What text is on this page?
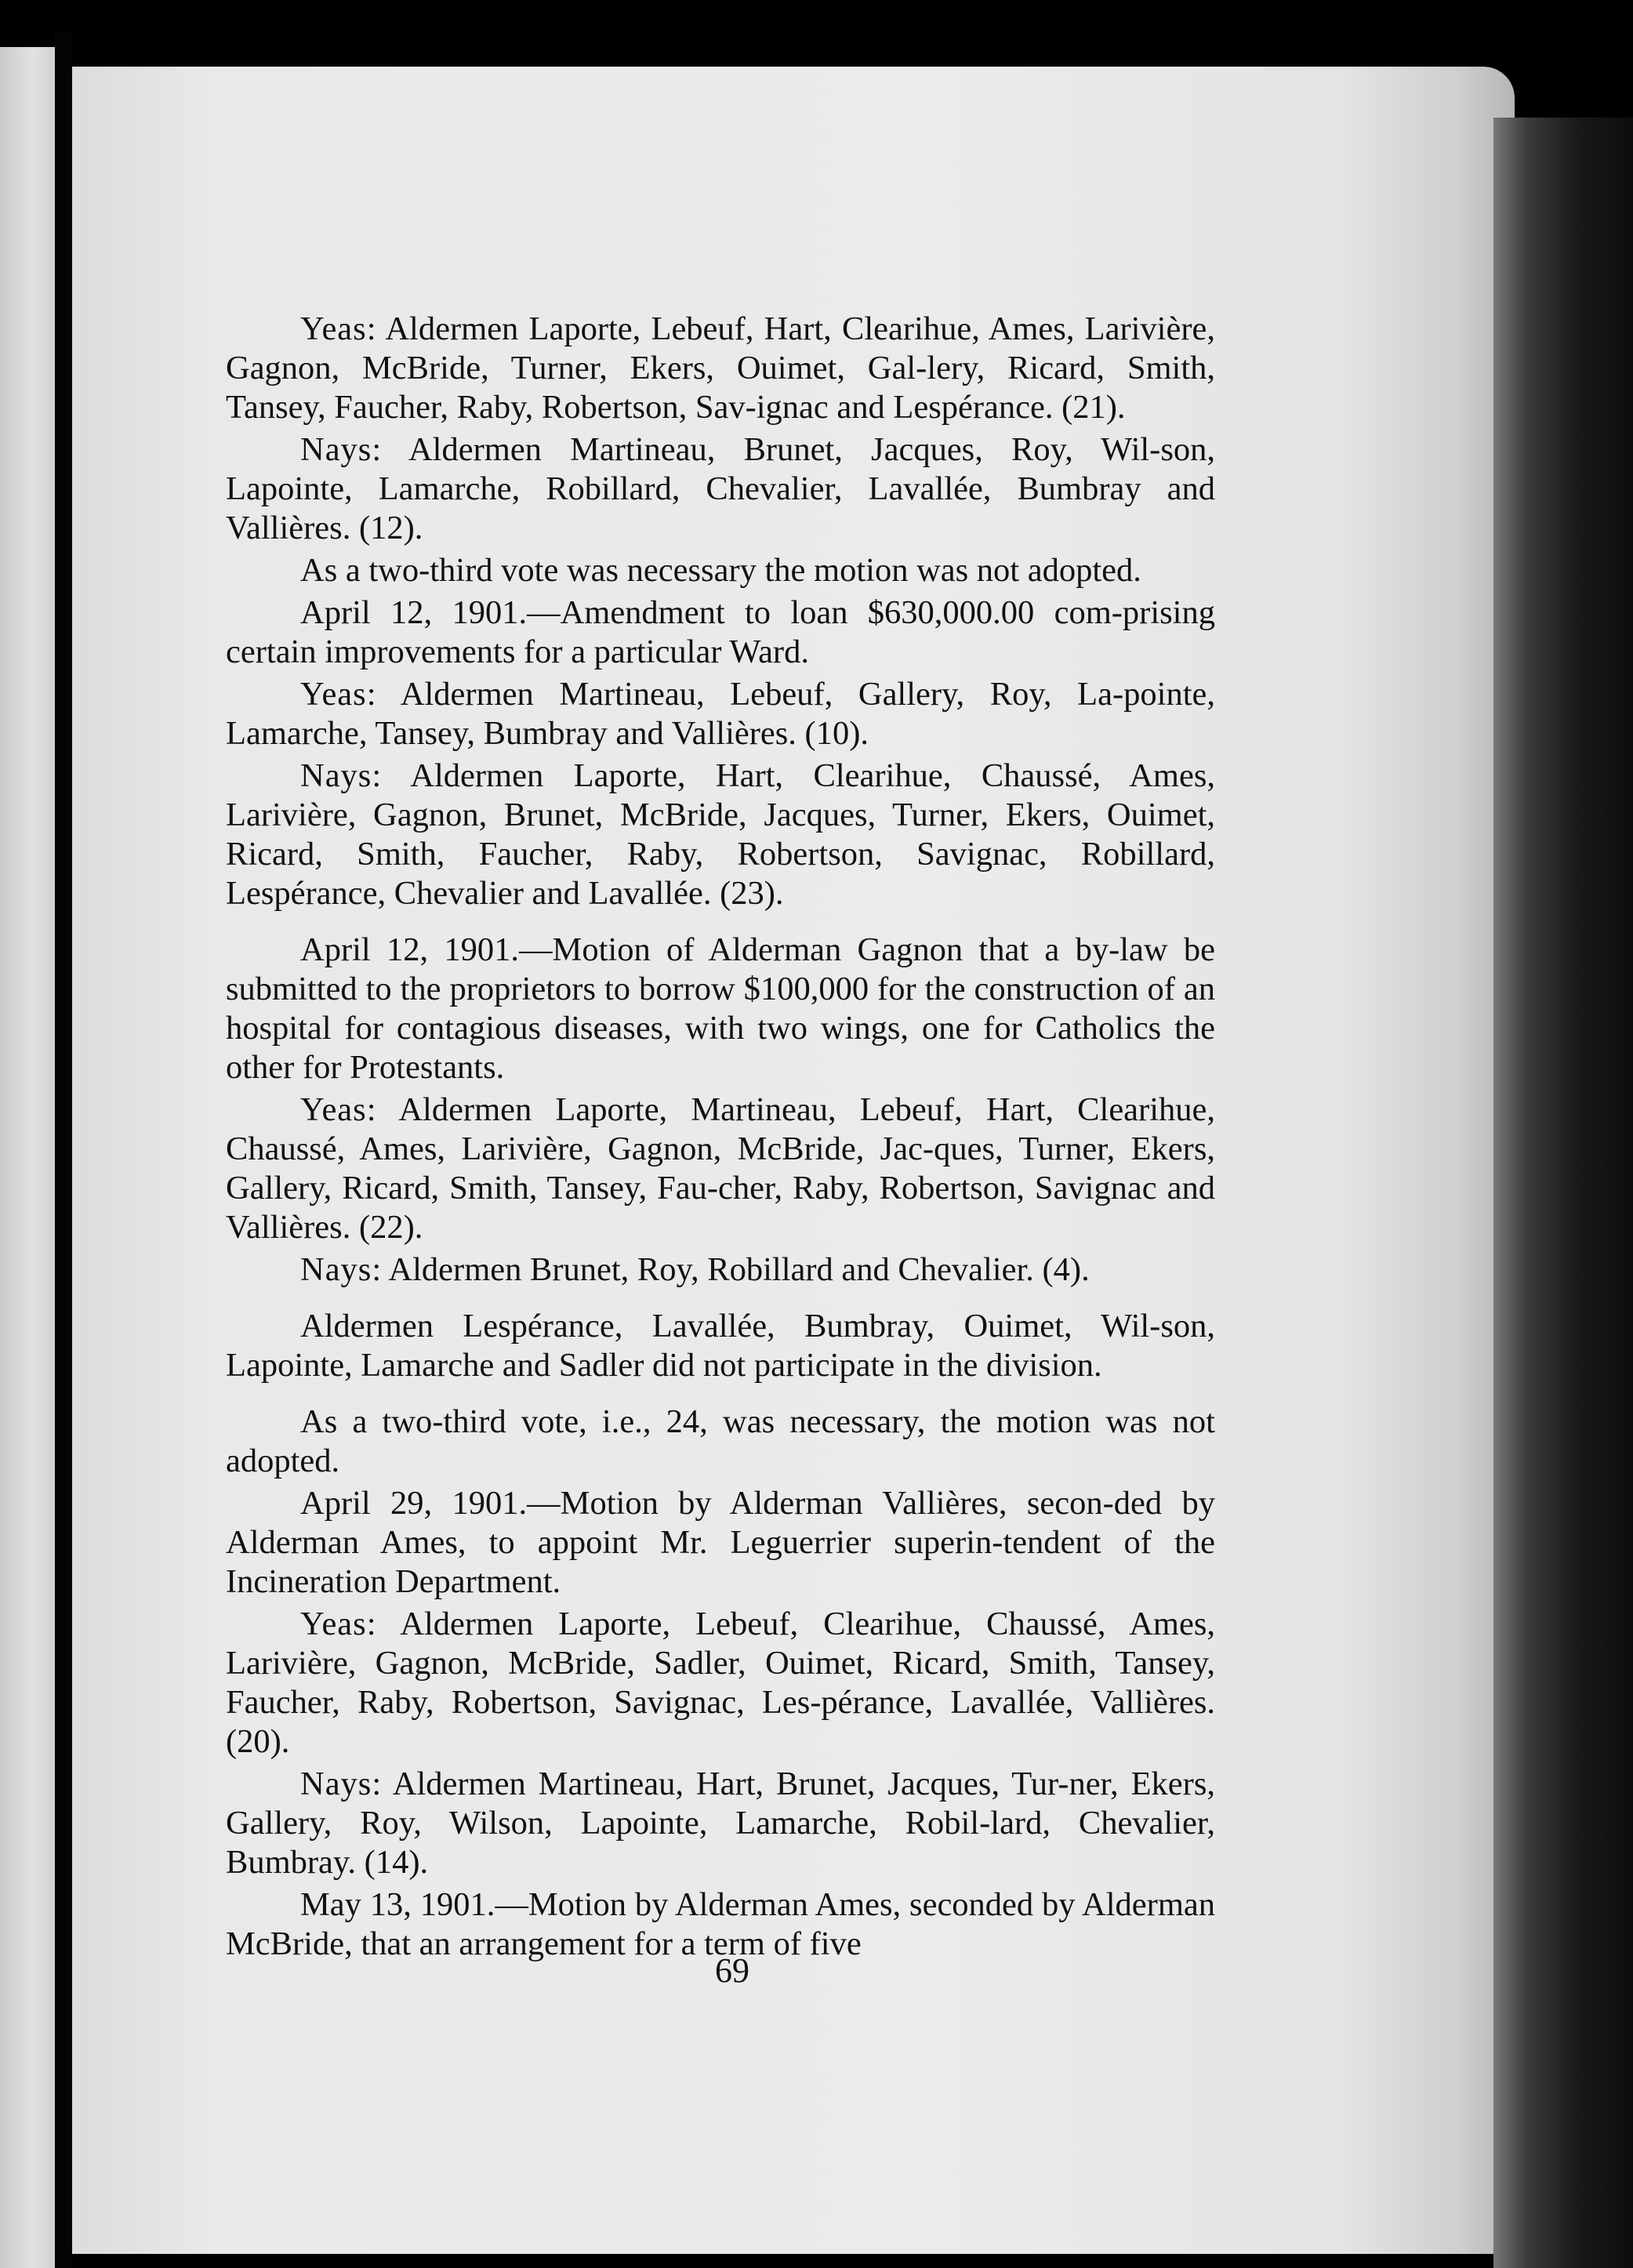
Yeas: Aldermen Laporte, Lebeuf, Hart, Clearihue, Ames, Larivière, Gagnon, McBride, Turner, Ekers, Ouimet, Gal-lery, Ricard, Smith, Tansey, Faucher, Raby, Robertson, Sav-ignac and Lespérance. (21).

Nays: Aldermen Martineau, Brunet, Jacques, Roy, Wil-son, Lapointe, Lamarche, Robillard, Chevalier, Lavallée, Bumbray and Vallières. (12).

As a two-third vote was necessary the motion was not adopted.

April 12, 1901.—Amendment to loan $630,000.00 com-prising certain improvements for a particular Ward.

Yeas: Aldermen Martineau, Lebeuf, Gallery, Roy, La-pointe, Lamarche, Tansey, Bumbray and Vallières. (10).

Nays: Aldermen Laporte, Hart, Clearihue, Chaussé, Ames, Larivière, Gagnon, Brunet, McBride, Jacques, Turner, Ekers, Ouimet, Ricard, Smith, Faucher, Raby, Robertson, Savignac, Robillard, Lespérance, Chevalier and Lavallée. (23).

April 12, 1901.—Motion of Alderman Gagnon that a by-law be submitted to the proprietors to borrow $100,000 for the construction of an hospital for contagious diseases, with two wings, one for Catholics the other for Protestants.

Yeas: Aldermen Laporte, Martineau, Lebeuf, Hart, Clearihue, Chaussé, Ames, Larivière, Gagnon, McBride, Jac-ques, Turner, Ekers, Gallery, Ricard, Smith, Tansey, Fau-cher, Raby, Robertson, Savignac and Vallières. (22).

Nays: Aldermen Brunet, Roy, Robillard and Chevalier. (4).

Aldermen Lespérance, Lavallée, Bumbray, Ouimet, Wil-son, Lapointe, Lamarche and Sadler did not participate in the division.

As a two-third vote, i.e., 24, was necessary, the motion was not adopted.

April 29, 1901.—Motion by Alderman Vallières, secon-ded by Alderman Ames, to appoint Mr. Leguerrier superin-tendent of the Incineration Department.

Yeas: Aldermen Laporte, Lebeuf, Clearihue, Chaussé, Ames, Larivière, Gagnon, McBride, Sadler, Ouimet, Ricard, Smith, Tansey, Faucher, Raby, Robertson, Savignac, Les-pérance, Lavallée, Vallières. (20).

Nays: Aldermen Martineau, Hart, Brunet, Jacques, Tur-ner, Ekers, Gallery, Roy, Wilson, Lapointe, Lamarche, Robil-lard, Chevalier, Bumbray. (14).

May 13, 1901.—Motion by Alderman Ames, seconded by Alderman McBride, that an arrangement for a term of five

69
